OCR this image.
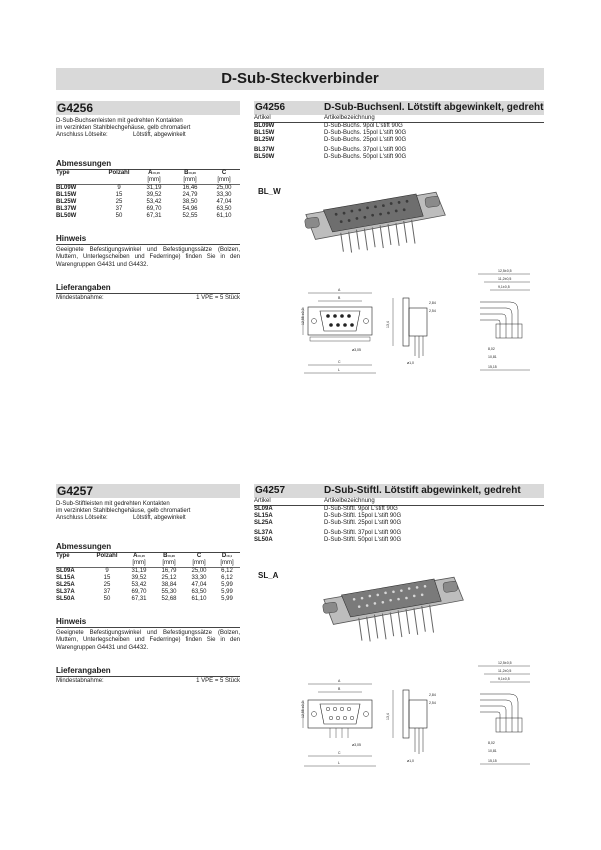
D-Sub-Steckverbinder
G4256
D-Sub-Buchsenleisten mit gedrehten Kontakten
im verzinkten Stahlblechgehäuse, gelb chromatiert
Anschluss Lötseite:	Lötstift, abgewinkelt
Abmessungen
Type	Polzahl	$A^{\pm 0,15}$	$B^{\pm 0,20}$	C
		[mm]	[mm]	[mm]
BL09W	9	31,19	16,46	25,00
BL15W	15	39,52	24,79	33,30
BL25W	25	53,42	38,50	47,04
BL37W	37	69,70	54,96	63,50
BL50W	50	67,31	52,55	61,10
Hinweis
Geeignete Befestigungswinkel und Befestigungssätze (Bolzen, Muttern, Unterlegscheiben und Federringe) finden Sie in den Warengruppen G4431 und G4432.
Lieferangaben
Mindestabnahme:	1 VPE = 5 Stück
G4256	D-Sub-Buchsenl. Lötstift abgewinkelt, gedreht
Artikel	Artikelbezeichnung
BL09W	D-Sub-Buchs. 9pol L'stift 90G
BL15W	D-Sub-Buchs. 15pol L'stift 90G
BL25W	D-Sub-Buchs. 25pol L'stift 90G
BL37W	D-Sub-Buchs. 37pol L'stift 90G
BL50W	D-Sub-Buchs. 50pol L'stift 90G
G4257
D-Sub-Stiftleisten mit gedrehten Kontakten
im verzinkten Stahlblechgehäuse, gelb chromatiert
Anschluss Lötseite:	Lötstift, abgewinkelt
Abmessungen
Type	Polzahl	$A^{\pm 0,15}$	$B^{\pm 0,20}$	C	$D^{\pm 0,1}$
		[mm]	[mm]	[mm]	[mm]
SL09A	9	31,19	16,79	25,00	6,12
SL15A	15	39,52	25,12	33,30	6,12
SL25A	25	53,42	38,84	47,04	5,99
SL37A	37	69,70	55,30	63,50	5,99
SL50A	50	67,31	52,68	61,10	5,99
Hinweis
Geeignete Befestigungswinkel und Befestigungssätze (Bolzen, Muttern, Unterlegscheiben und Federringe) finden Sie in den Warengruppen G4431 und G4432.
Lieferangaben
Mindestabnahme:	1 VPE = 5 Stück
G4257	D-Sub-Stiftl. Lötstift abgewinkelt, gedreht
Artikel	Artikelbezeichnung
SL09A	D-Sub-Stiftl. 9pol L'stift 90G
SL15A	D-Sub-Stiftl. 15pol L'stift 90G
SL25A	D-Sub-Stiftl. 25pol L'stift 90G
SL37A	D-Sub-Stiftl. 37pol L'stift 90G
SL50A	D-Sub-Stiftl. 50pol L'stift 90G
BL_W
SL_A
A
B
12,55 ±0,3
C
ø3,05
L
13,4
ø1,0
2,84
2,54
12,5±0,5
11,2±0,5
9,1±0,5
8,02
10,81
15,15
A
B
12,55 ±0,3
C
ø3,05
L
13,4
ø1,0
2,84
2,54
12,5±0,5
11,2±0,5
9,1±0,5
8,02
10,81
15,15
